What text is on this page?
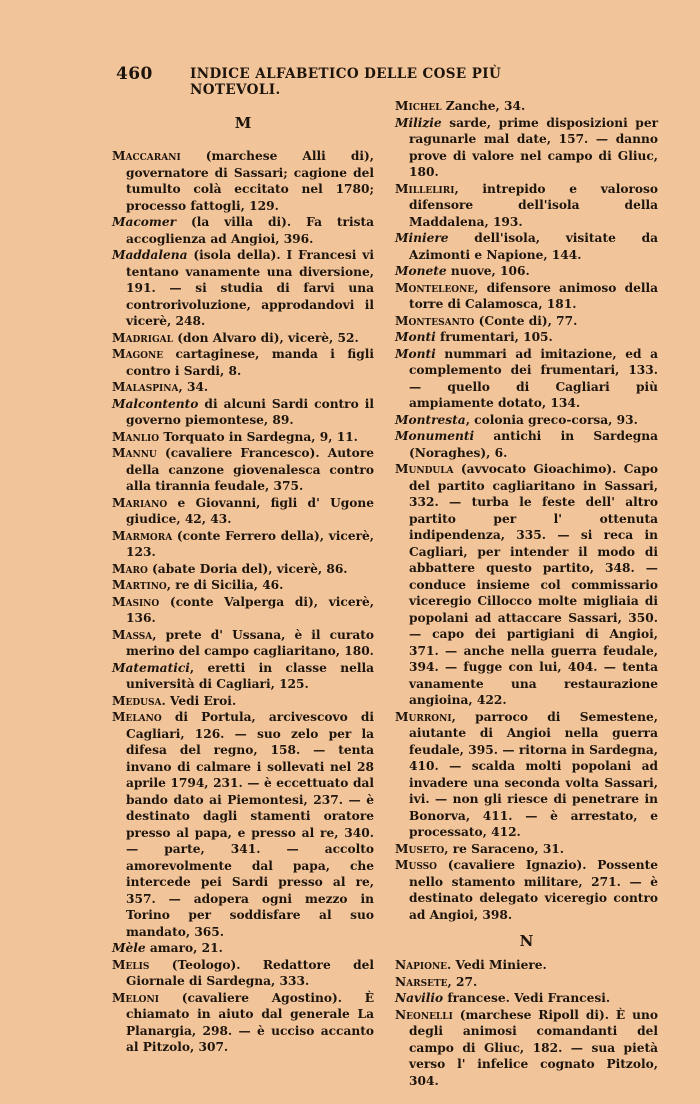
460	INDICE ALFABETICO DELLE COSE PIÙ NOTEVOLI.
M
Maccarani (marchese Alli di), governatore di Sassari; cagione del tumulto colà eccitato nel 1780; processo fattogli, 129.
Macomer (la villa di). Fa trista accoglienza ad Angioi, 396.
Maddalena (isola della). I Francesi vi tentano vanamente una diversione, 191. — si studia di farvi una controrivoluzione, approdandovi il vicerè, 248.
Madrigal (don Alvaro di), vicerè, 52.
Magone cartaginese, manda i figli contro i Sardi, 8.
Malaspina, 34.
Malcontento di alcuni Sardi contro il governo piemontese, 89.
Manlio Torquato in Sardegna, 9, 11.
Mannu (cavaliere Francesco). Autore della canzone giovenalesca contro alla tirannia feudale, 375.
Mariano e Giovanni, figli d' Ugone giudice, 42, 43.
Marmora (conte Ferrero della), vicerè, 123.
Maro (abate Doria del), vicerè, 86.
Martino, re di Sicilia, 46.
Masino (conte Valperga di), vicerè, 136.
Massa, prete d' Ussana, è il curato merino del campo cagliaritano, 180.
Matematici, eretti in classe nella università di Cagliari, 125.
Medusa. Vedi Eroi.
Melano di Portula, arcivescovo di Cagliari, 126. — suo zelo per la difesa del regno, 158. — tenta invano di calmare i sollevati nel 28 aprile 1794, 231. — è eccettuato dal bando dato ai Piemontesi, 237. — è destinato dagli stamenti oratore presso al papa, e presso al re, 340. — parte, 341. — accolto amorevolmente dal papa, che intercede pei Sardi presso al re, 357. — adopera ogni mezzo in Torino per soddisfare al suo mandato, 365.
Mèle amaro, 21.
Melis (Teologo). Redattore del Giornale di Sardegna, 333.
Meloni (cavaliere Agostino). È chiamato in aiuto dal generale La Planargia, 298. — è ucciso accanto al Pitzolo, 307.
Michel Zanche, 34.
Milizie sarde, prime disposizioni per ragunarle mal date, 157. — danno prove di valore nel campo di Gliuc, 180.
Milleliri, intrepido e valoroso difensore dell'isola della Maddalena, 193.
Miniere dell'isola, visitate da Azimonti e Napione, 144.
Monete nuove, 106.
Monteleone, difensore animoso della torre di Calamosca, 181.
Montesanto (Conte di), 77.
Monti frumentari, 105.
Monti nummari ad imitazione, ed a complemento dei frumentari, 133. — quello di Cagliari più ampiamente dotato, 134.
Montresta, colonia greco-corsa, 93.
Monumenti antichi in Sardegna (Noraghes), 6.
Mundula (avvocato Gioachimo). Capo del partito cagliaritano in Sassari, 332. — turba le feste dell' altro partito per l' ottenuta indipendenza, 335. — si reca in Cagliari, per intender il modo di abbattere questo partito, 348. — conduce insieme col commissario viceregio Cillocco molte migliaia di popolani ad attaccare Sassari, 350. — capo dei partigiani di Angioi, 371. — anche nella guerra feudale, 394. — fugge con lui, 404. — tenta vanamente una restaurazione angioina, 422.
Murroni, parroco di Semestene, aiutante di Angioi nella guerra feudale, 395. — ritorna in Sardegna, 410. — scalda molti popolani ad invadere una seconda volta Sassari, ivi. — non gli riesce di penetrare in Bonorva, 411. — è arrestato, e processato, 412.
Museto, re Saraceno, 31.
Musso (cavaliere Ignazio). Possente nello stamento militare, 271. — è destinato delegato viceregio contro ad Angioi, 398.
N
Napione. Vedi Miniere.
Narsete, 27.
Navilio francese. Vedi Francesi.
Neonelli (marchese Ripoll di). È uno degli animosi comandanti del campo di Gliuc, 182. — sua pietà verso l' infelice cognato Pitzolo, 304.
